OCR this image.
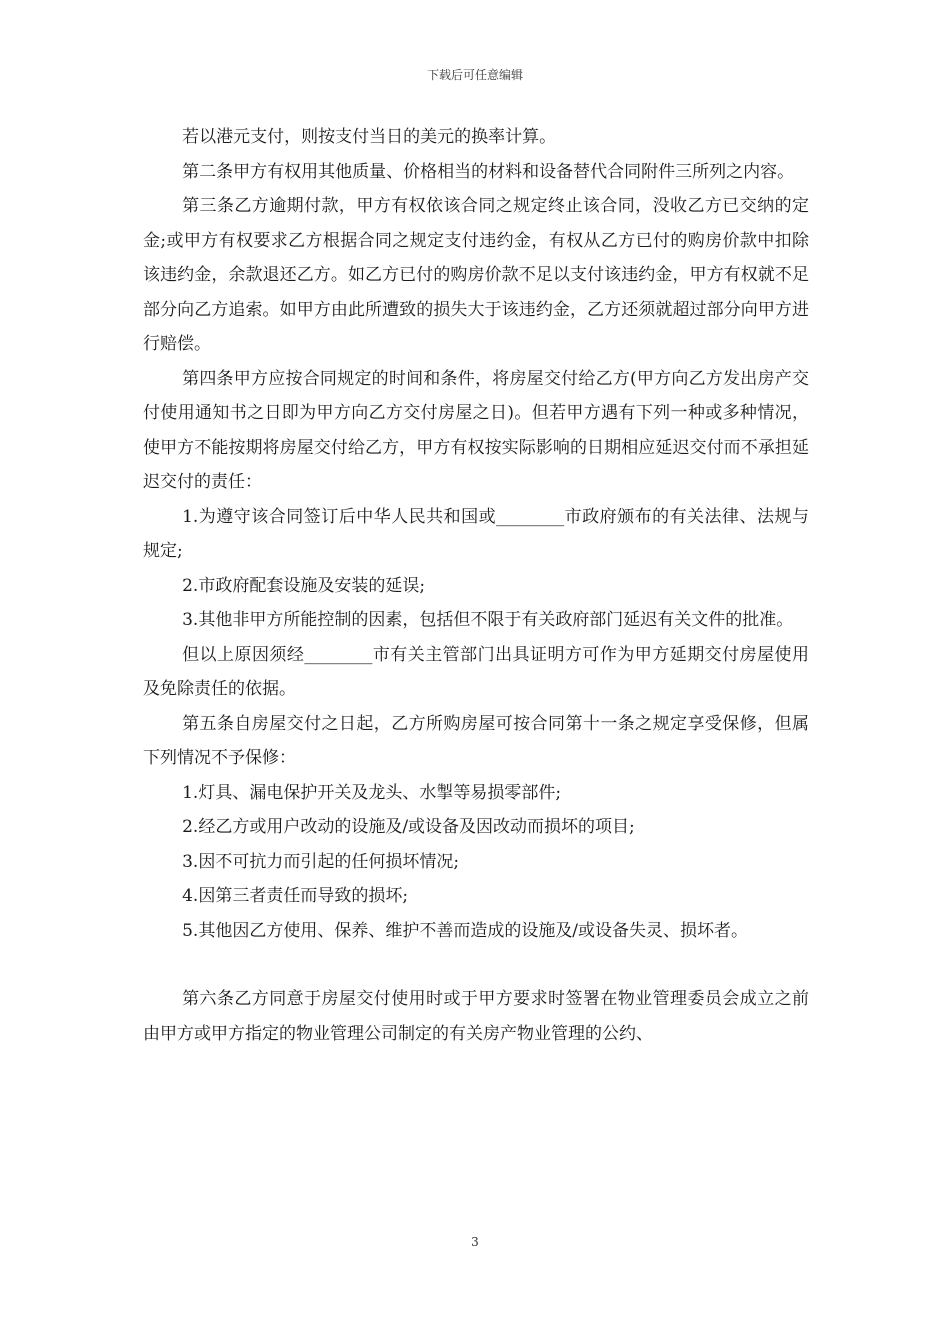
下载后可任意编辑

若以港元支付，则按支付当日的美元的换率计算。

第二条甲方有权用其他质量、价格相当的材料和设备替代合同附件三所列之内容。

第三条乙方逾期付款，甲方有权依该合同之规定终止该合同，没收乙方已交纳的定金;或甲方有权要求乙方根据合同之规定支付违约金，有权从乙方已付的购房价款中扣除该违约金，余款退还乙方。如乙方已付的购房价款不足以支付该违约金，甲方有权就不足部分向乙方追索。如甲方由此所遭致的损失大于该违约金，乙方还须就超过部分向甲方进行赔偿。

第四条甲方应按合同规定的时间和条件，将房屋交付给乙方(甲方向乙方发出房产交付使用通知书之日即为甲方向乙方交付房屋之日)。但若甲方遇有下列一种或多种情况，使甲方不能按期将房屋交付给乙方，甲方有权按实际影响的日期相应延迟交付而不承担延迟交付的责任：

1.为遵守该合同签订后中华人民共和国或________市政府颁布的有关法律、法规与规定;

2.市政府配套设施及安装的延误;

3.其他非甲方所能控制的因素，包括但不限于有关政府部门延迟有关文件的批准。

但以上原因须经________市有关主管部门出具证明方可作为甲方延期交付房屋使用及免除责任的依据。

第五条自房屋交付之日起，乙方所购房屋可按合同第十一条之规定享受保修，但属下列情况不予保修：

1.灯具、漏电保护开关及龙头、水掣等易损零部件;

2.经乙方或用户改动的设施及/或设备及因改动而损坏的项目;

3.因不可抗力而引起的任何损坏情况;

4.因第三者责任而导致的损坏;

5.其他因乙方使用、保养、维护不善而造成的设施及/或设备失灵、损坏者。

第六条乙方同意于房屋交付使用时或于甲方要求时签署在物业管理委员会成立之前由甲方或甲方指定的物业管理公司制定的有关房产物业管理的公约、

3
